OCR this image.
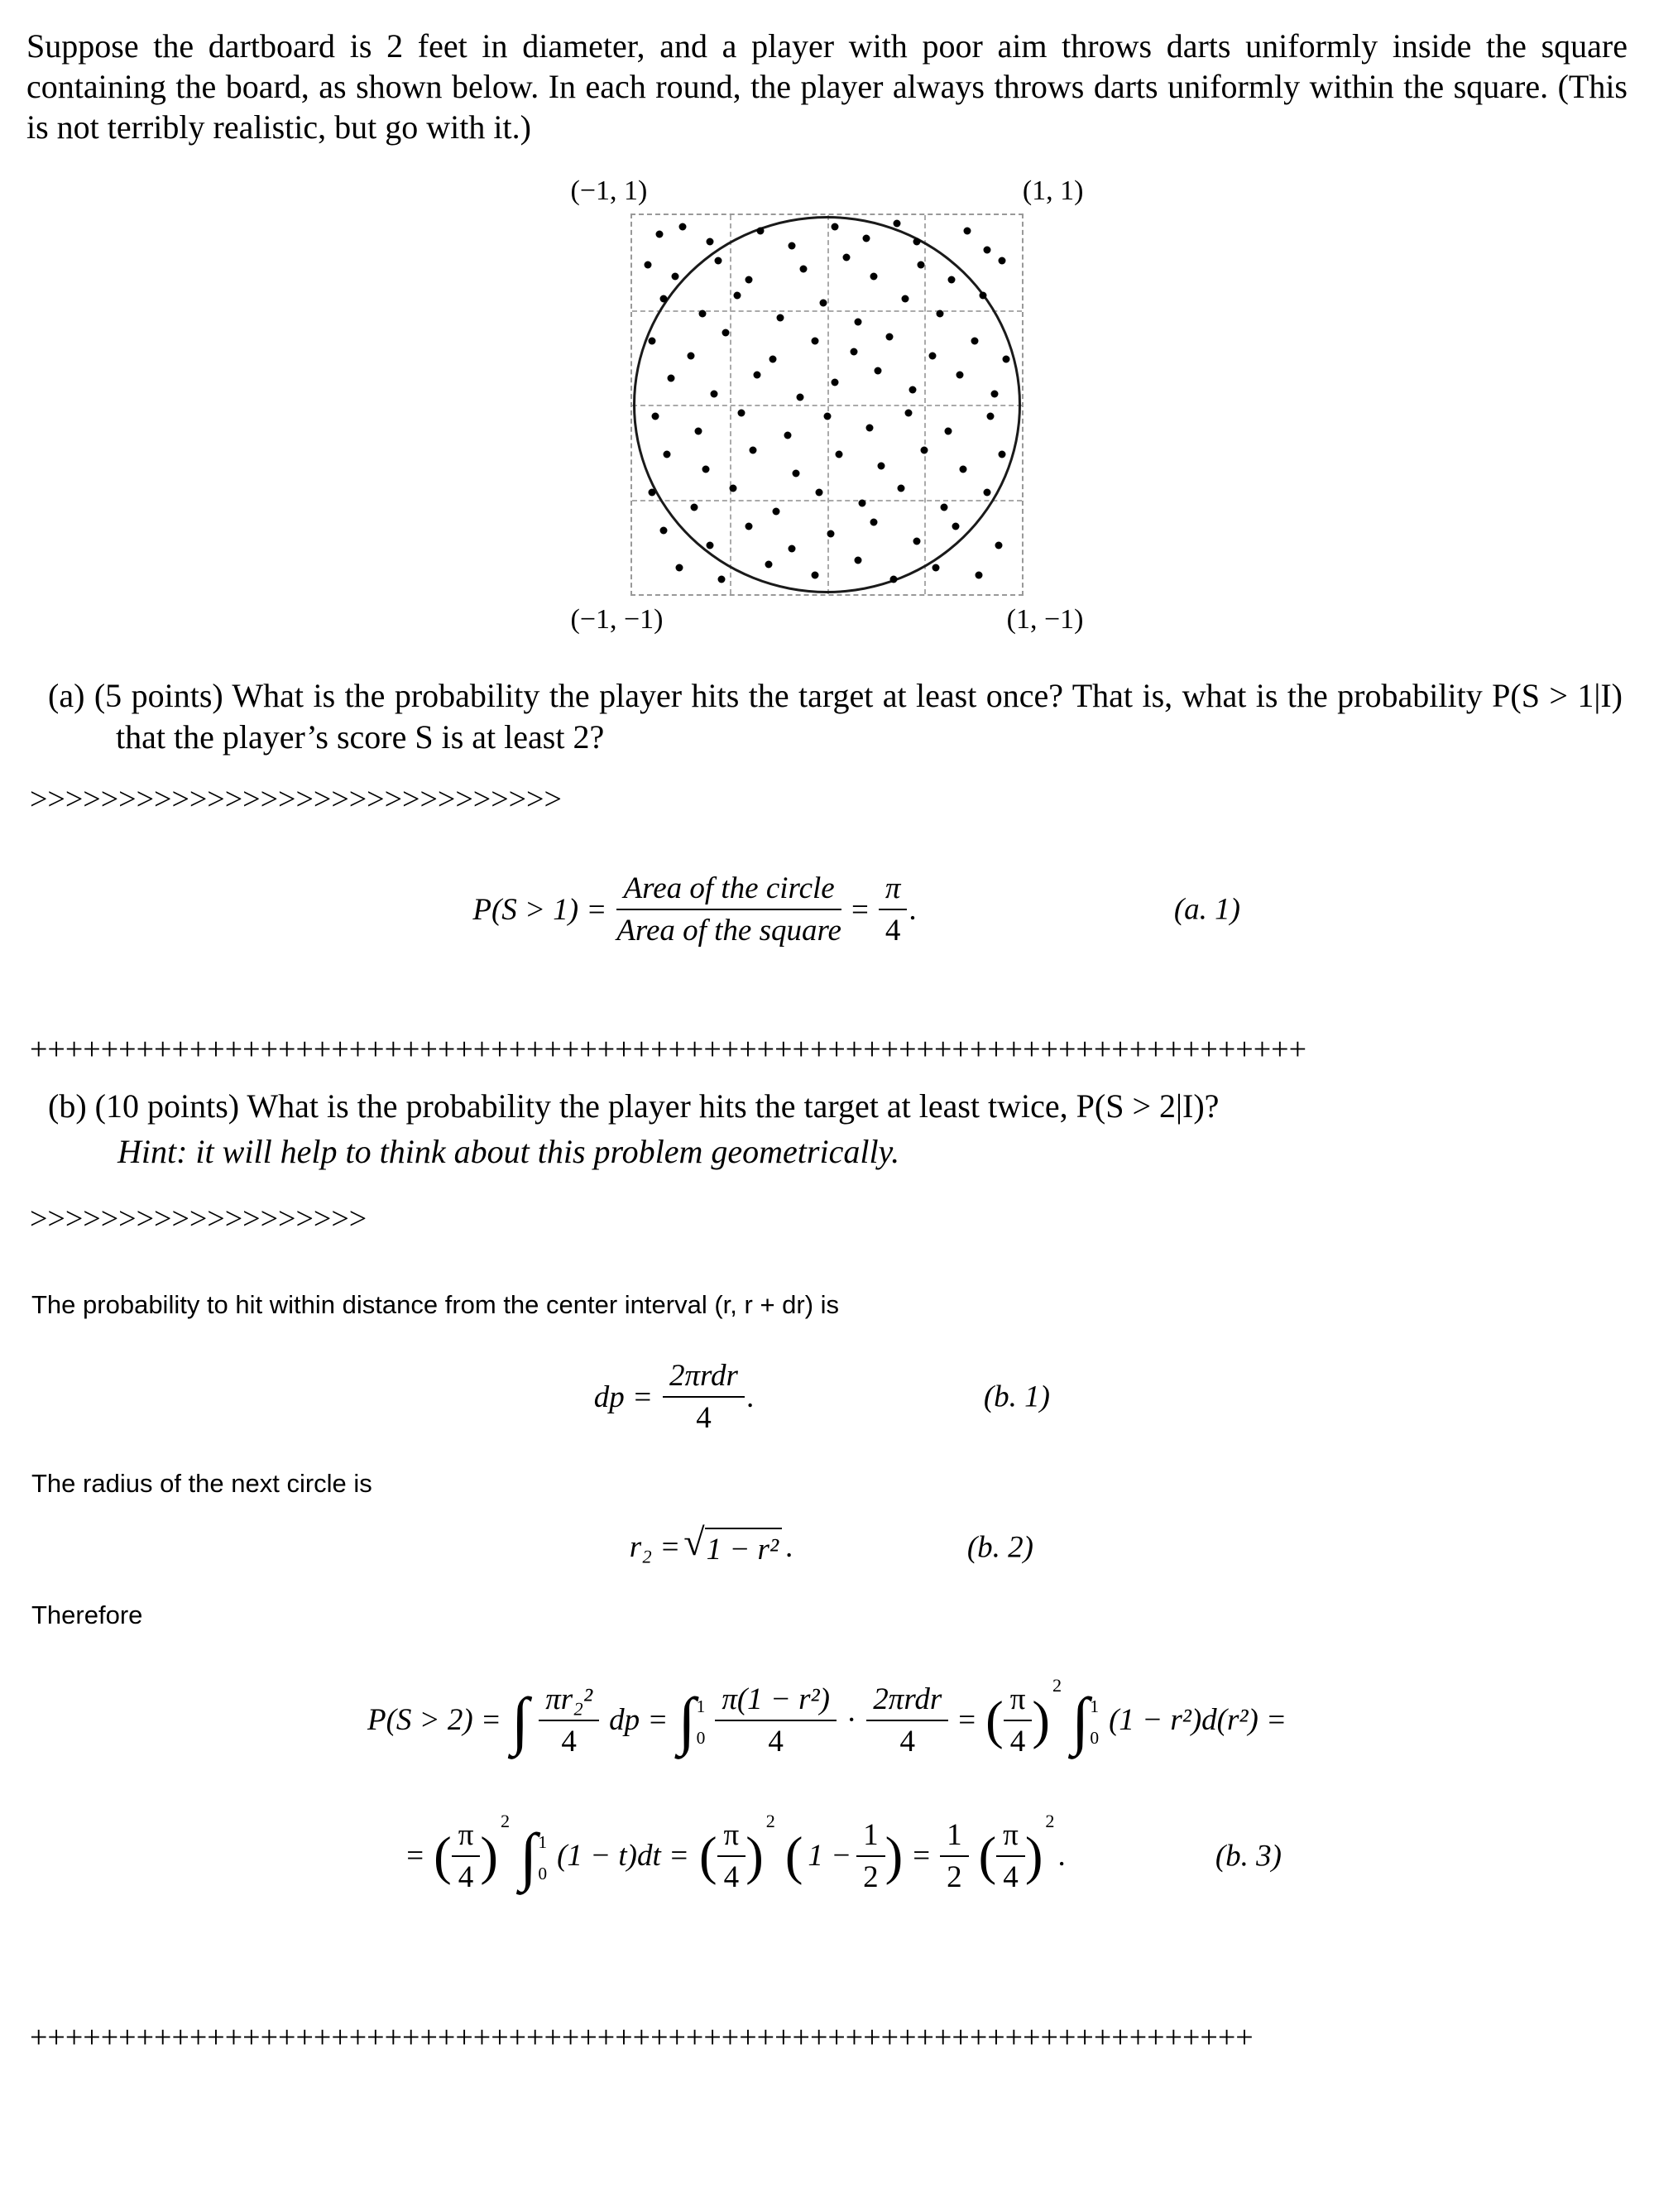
Suppose the dartboard is 2 feet in diameter, and a player with poor aim throws darts uniformly inside the square containing the board, as shown below. In each round, the player always throws darts uniformly within the square. (This is not terribly realistic, but go with it.)

(−1, 1)	(1, 1)
(−1, −1)	(1, −1)
(a) (5 points) What is the probability the player hits the target at least once? That is, what is the probability P(S > 1|I) that the player’s score S is at least 2?
>>>>>>>>>>>>>>>>>>>>>>>>>>>>>>
$P(S > 1) = \frac{\text{Area of the circle}}{\text{Area of the square}} = \frac{\pi}{4}$ .	(a. 1)
++++++++++++++++++++++++++++++++++++++++++++++++++++++++++++++++++++++++
(b) (10 points) What is the probability the player hits the target at least twice, P(S > 2|I)?
Hint: it will help to think about this problem geometrically.
>>>>>>>>>>>>>>>>>>>

The probability to hit within distance from the center interval (r, r + dr) is

dp = $\frac{\text{2πrdr}}{4}$ .	(b. 1)

The radius of the next circle is

r₂ = √ 1 − r² .	(b. 2)

Therefore

P(S > 2) = ∫ $\frac{\text{πr₂²}}{4}$ dp = ∫ 1
$0 \frac{\text{π(1 − r²)}}{4} \cdot \frac{\text{2πrdr}}{4}$ = ( $\frac{\pi}{4}$ )
2 ∫ 1
0
(1 − r²)d(r²) =
= ( $\frac{\pi}{4}$ )
2 ∫ 1
0
(1 − t)dt = ( $\frac{\pi}{4}$ )
2
( $1 - \frac{1}{2}$ ) = $\frac{1}{2}$ ( $\frac{\pi}{4}$ )
2
.	(b. 3)
+++++++++++++++++++++++++++++++++++++++++++++++++++++++++++++++++++++
